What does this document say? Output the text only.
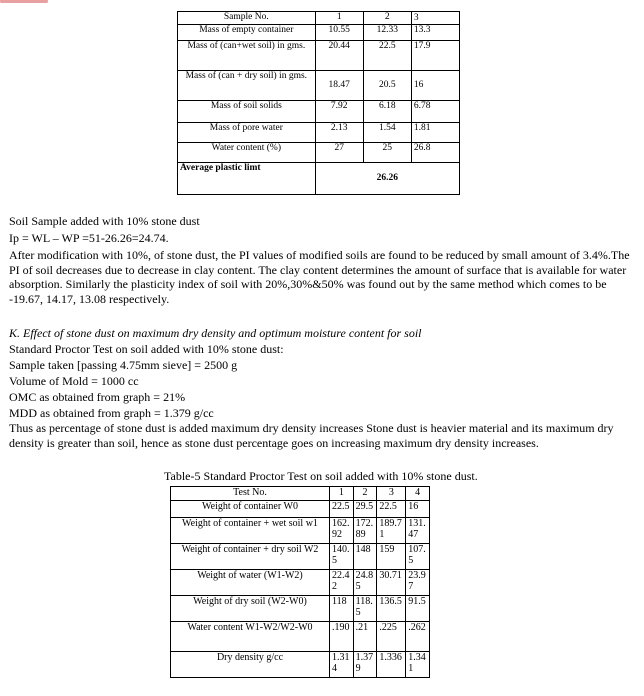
Sample No.	1	2	3
Mass of empty container	10.55	12.33	13.3
Mass of (can+wet soil) in gms.	20.44	22.5	17.9
Mass of (can + dry soil) in gms.	18.47	20.5	16
Mass of soil solids	7.92	6.18	6.78
Mass of pore water	2.13	1.54	1.81
Water content (%)	27	25	26.8
Average plastic limt	26.26		
Soil Sample added with 10% stone dust
Ip = WL – WP =51-26.26=24.74.
After modification with 10%, of stone dust, the PI values of modified soils are found to be reduced by small amount of 3.4%.The PI of soil decreases due to decrease in clay content. The clay content determines the amount of surface that is available for water absorption. Similarly the plasticity index of soil with 20%,30%&50% was found out by the same method which comes to be -19.67, 14.17, 13.08 respectively.
K. Effect of stone dust on maximum dry density and optimum moisture content for soil
Standard Proctor Test on soil added with 10% stone dust:
Sample taken [passing 4.75mm sieve] = 2500 g
Volume of Mold = 1000 cc
OMC as obtained from graph = 21%
MDD as obtained from graph = 1.379 g/cc
Thus as percentage of stone dust is added maximum dry density increases Stone dust is heavier material and its maximum dry density is greater than soil, hence as stone dust percentage goes on increasing maximum dry density increases.
Table-5 Standard Proctor Test on soil added with 10% stone dust.
Test No.	1	2	3	4
Weight of container W0	22.5	29.5	22.5	16
Weight of container + wet soil w1	162.92	172.89	189.71	131.47
Weight of container + dry soil W2	140.5	148	159	107.5
Weight of water (W1-W2)	22.42	24.85	30.71	23.97
Weight of dry soil (W2-W0)	118	118.5	136.5	91.5
Water content W1-W2/W2-W0	.190	.21	.225	.262
Dry density g/cc	1.314	1.379	1.336	1.341
